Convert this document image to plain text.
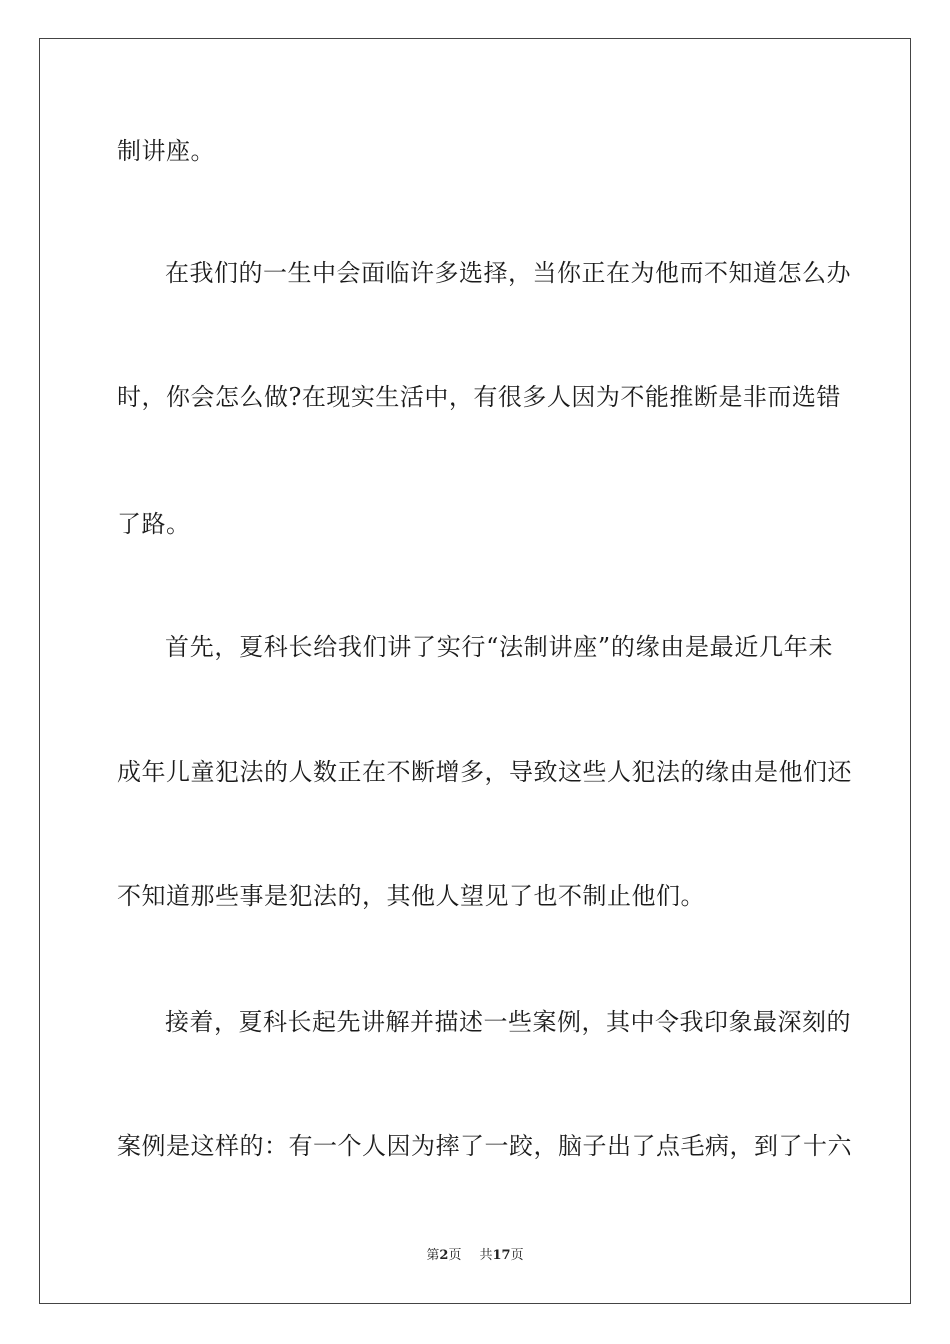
制讲座。
在我们的一生中会面临许多选择，当你正在为他而不知道怎么办
时，你会怎么做?在现实生活中，有很多人因为不能推断是非而选错
了路。
首先，夏科长给我们讲了实行“法制讲座”的缘由是最近几年未
成年儿童犯法的人数正在不断增多，导致这些人犯法的缘由是他们还
不知道那些事是犯法的，其他人望见了也不制止他们。
接着，夏科长起先讲解并描述一些案例，其中令我印象最深刻的
案例是这样的：有一个人因为摔了一跤，脑子出了点毛病，到了十六
第2页 共17页
